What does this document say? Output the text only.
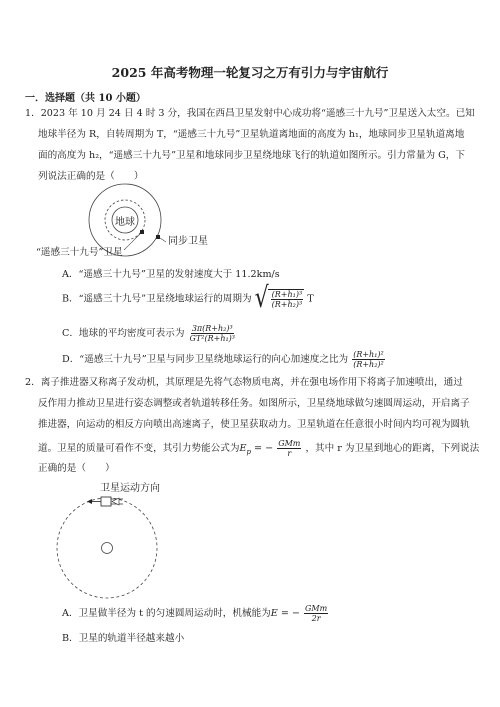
2025 年高考物理一轮复习之万有引力与宇宙航行
一．选择题（共 10 小题）
1．2023 年 10 月 24 日 4 时 3 分，我国在西昌卫星发射中心成功将“遥感三十九号”卫星送入太空。已知
地球半径为 R，自转周期为 T，“遥感三十九号”卫星轨道离地面的高度为 h₁，地球同步卫星轨道离地
面的高度为 h₂，“遥感三十九号”卫星和地球同步卫星绕地球飞行的轨道如图所示。引力常量为 G，下
列说法正确的是（　　）
地球
同步卫星
“遥感三十九号”卫星
A．“遥感三十九号”卫星的发射速度大于 11.2km/s
B．“遥感三十九号”卫星绕地球运行的周期为 √ $\frac{\text{(R+h₁)³}}{\text{(R+h₂)³}}$ T
C．地球的平均密度可表示为 $\frac{\text{3π(R+h₂)³}}{\text{GT²(R+h₁)³}}$
D．“遥感三十九号”卫星与同步卫星绕地球运行的向心加速度之比为 $\frac{\text{(R+h₁)²}}{\text{(R+h₂)²}}$
2．离子推进器又称离子发动机，其原理是先将气态物质电离，并在强电场作用下将离子加速喷出，通过
反作用力推动卫星进行姿态调整或者轨道转移任务。如图所示，卫星绕地球做匀速圆周运动，开启离子
推进器，向运动的相反方向喷出高速离子，使卫星获取动力。卫星轨道在任意很小时间内均可视为圆轨
道。卫星的质量可看作不变，其引力势能公式为$E_p$ = − $\frac{\text{GMm}}{r}$ ，其中 r 为卫星到地心的距离，下列说法
正确的是（　　）
卫星运动方向
A．卫星做半径为 t 的匀速圆周运动时，机械能为E = − $\frac{\text{GMm}}{2r}$
B．卫星的轨道半径越来越小
